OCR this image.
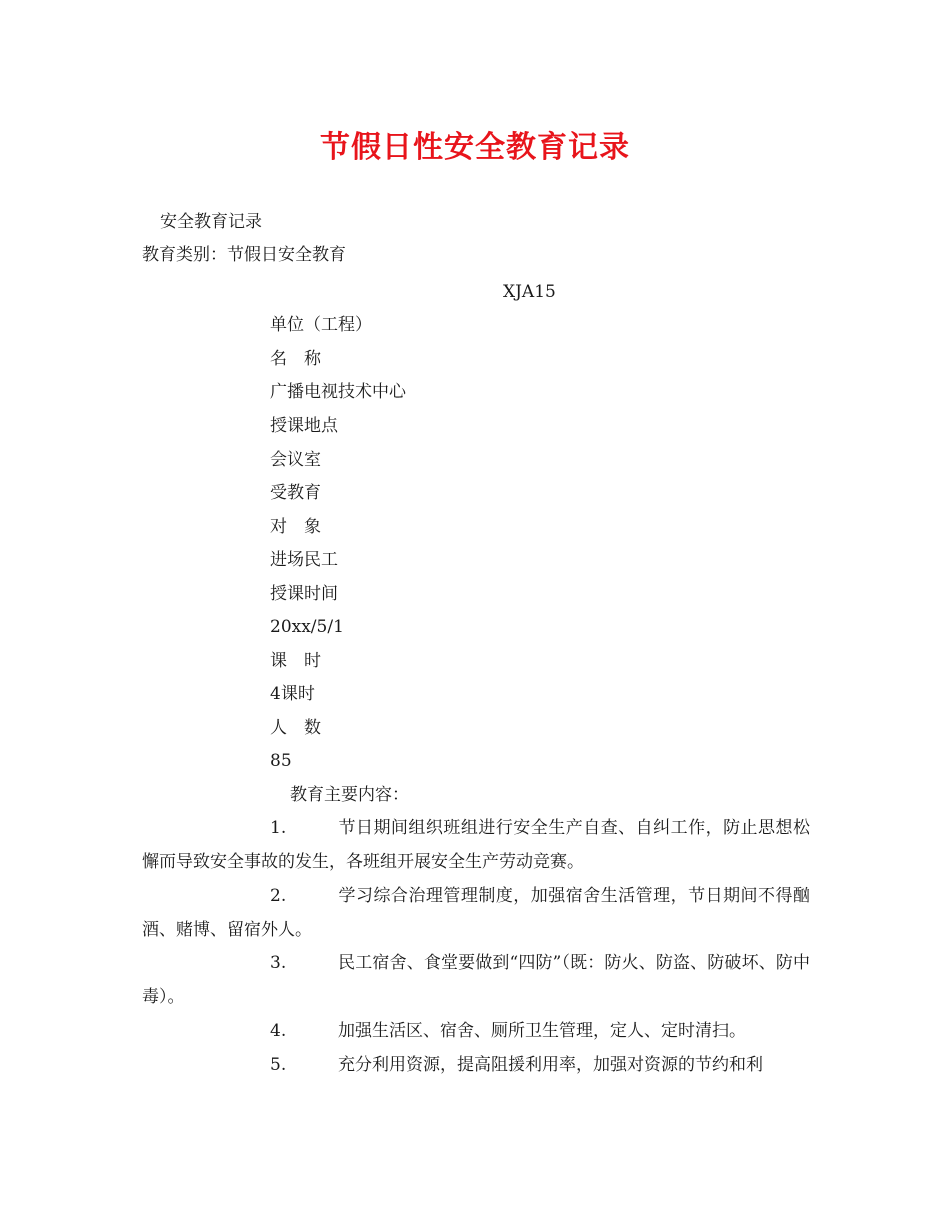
节假日性安全教育记录
安全教育记录
教育类别：节假日安全教育
XJA15
单位（工程）
名　称
广播电视技术中心
授课地点
会议室
受教育
对　象
进场民工
授课时间
20xx/5/1
课　时
4课时
人　数
85
教育主要内容：
1.	节日期间组织班组进行安全生产自查、自纠工作，防止思想松懈而导致安全事故的发生，各班组开展安全生产劳动竞赛。
2.	学习综合治理管理制度，加强宿舍生活管理，节日期间不得酗酒、赌博、留宿外人。
3.	民工宿舍、食堂要做到“四防”（既：防火、防盗、防破坏、防中毒）。
4.	加强生活区、宿舍、厕所卫生管理，定人、定时清扫。
5.	充分利用资源，提高阻援利用率，加强对资源的节约和利
